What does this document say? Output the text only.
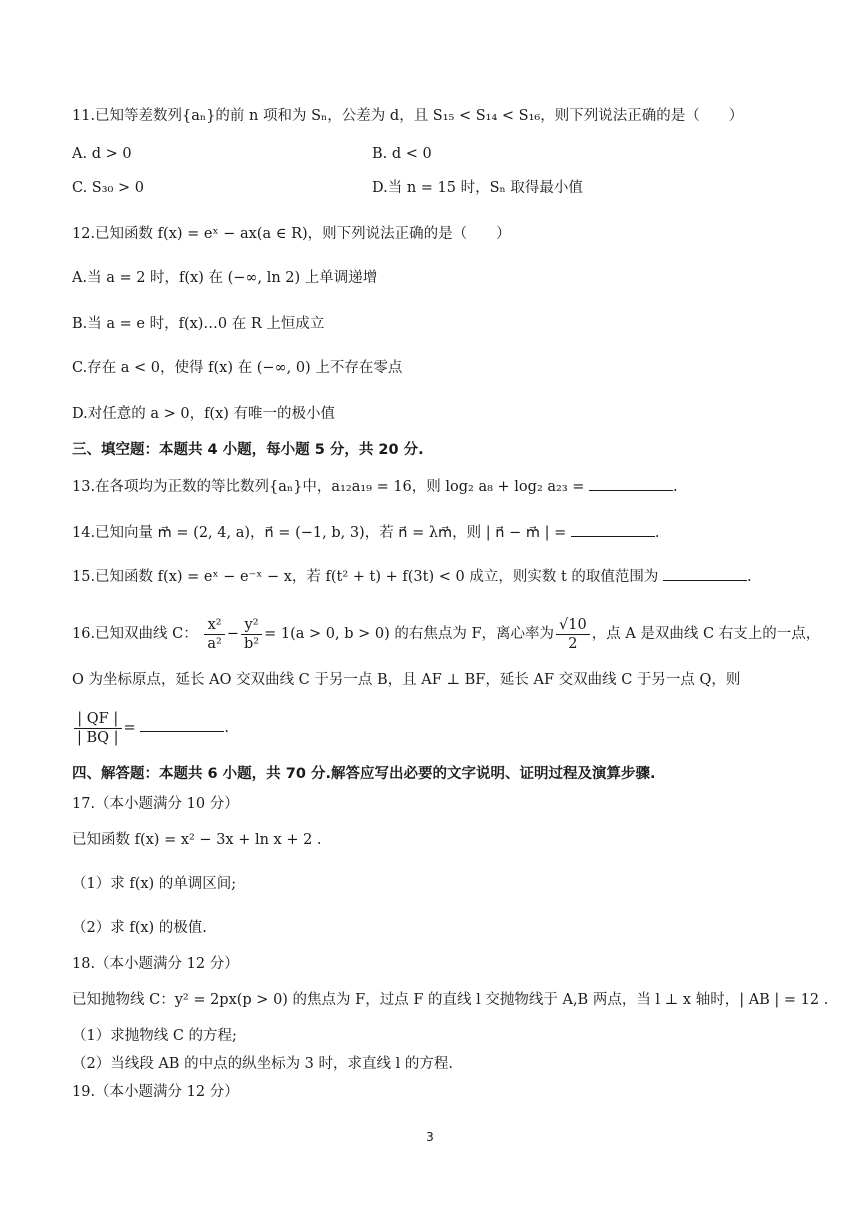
11.已知等差数列{aₙ}的前 n 项和为 Sₙ，公差为 d，且 S₁₅ < S₁₄ < S₁₆，则下列说法正确的是（　　）
A. d > 0	B. d < 0
C. S₃₀ > 0	D.当 n = 15 时，Sₙ 取得最小值
12.已知函数 f(x) = eˣ − ax(a ∈ R)，则下列说法正确的是（　　）
A.当 a = 2 时，f(x) 在 (−∞, ln 2) 上单调递增
B.当 a = e 时，f(x)…0 在 R 上恒成立
C.存在 a < 0，使得 f(x) 在 (−∞, 0) 上不存在零点
D.对任意的 a > 0，f(x) 有唯一的极小值
三、填空题：本题共 4 小题，每小题 5 分，共 20 分.
13.在各项均为正数的等比数列{aₙ}中，a₁₂a₁₉ = 16，则 log₂ a₈ + log₂ a₂₃ =	.
14.已知向量 m⃗ = (2, 4, a)，n⃗ = (−1, b, 3)，若 n⃗ = λm⃗，则 | n⃗ − m⃗ | =	.
15.已知函数 f(x) = eˣ − e⁻ˣ − x，若 f(t² + t) + f(3t) < 0 成立，则实数 t 的取值范围为	.
16.已知双曲线 C： $\frac{\text{x²}}{\text{a²}} - \frac{\text{y²}}{\text{b²}} = 1(a > 0$, b > 0) 的右焦点为 F，离心率为 $\frac{√10}{2}$ ，点 A 是双曲线 C 右支上的一点，
O 为坐标原点，延长 AO 交双曲线 C 于另一点 B，且 AF ⊥ BF，延长 AF 交双曲线 C 于另一点 Q，则
$\frac{| QF |}{| BQ |}$ =	.
四、解答题：本题共 6 小题，共 70 分.解答应写出必要的文字说明、证明过程及演算步骤.
17.（本小题满分 10 分）
已知函数 f(x) = x² − 3x + ln x + 2 .
（1）求 f(x) 的单调区间;
（2）求 f(x) 的极值.
18.（本小题满分 12 分）
已知抛物线 C：y² = 2px(p > 0) 的焦点为 F，过点 F 的直线 l 交抛物线于 A,B 两点，当 l ⊥ x 轴时，| AB | = 12 .
（1）求抛物线 C 的方程;
（2）当线段 AB 的中点的纵坐标为 3 时，求直线 l 的方程.
19.（本小题满分 12 分）
3
